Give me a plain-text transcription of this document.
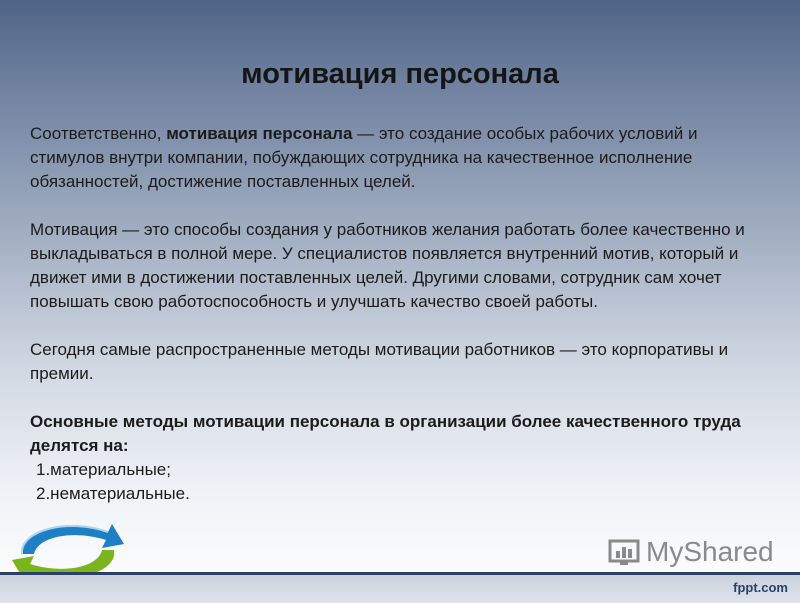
мотивация персонала

Соответственно, мотивация персонала — это создание особых рабочих условий и стимулов внутри компании, побуждающих сотрудника на качественное исполнение обязанностей, достижение поставленных целей.

Мотивация — это способы создания у работников желания работать более качественно и выкладываться в полной мере. У специалистов появляется внутренний мотив, который и движет ими в достижении поставленных целей. Другими словами, сотрудник сам хочет повышать свою работоспособность и улучшать качество своей работы.

Сегодня самые распространенные методы мотивации работников — это корпоративы и премии.

Основные методы мотивации персонала в организации более качественного труда делятся на:

1.материальные;
2.нематериальные.
MyShared
fppt.com
